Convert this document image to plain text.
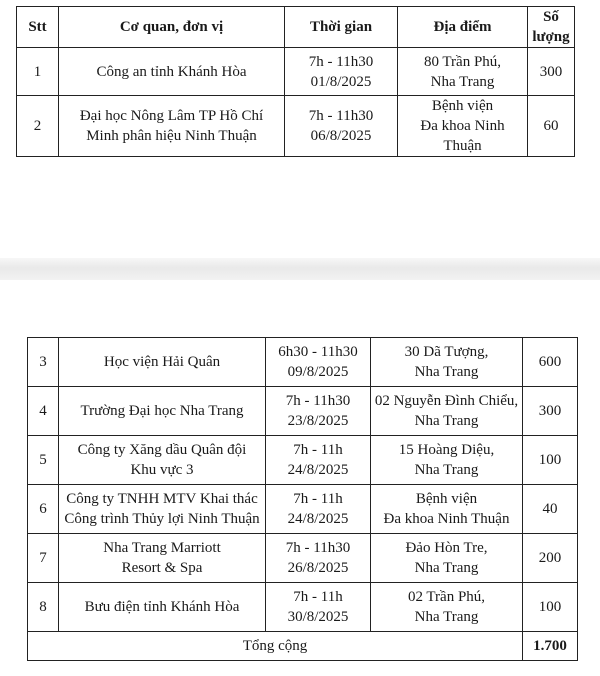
Stt	Cơ quan, đơn vị	Thời gian	Địa điểm	Số
lượng

1	Công an tỉnh Khánh Hòa	7h - 11h30
01/8/2025	80 Trần Phú,
Nha Trang	300
2	Đại học Nông Lâm TP Hồ Chí
Minh phân hiệu Ninh Thuận	7h - 11h30
06/8/2025	Bệnh viện
Đa khoa Ninh Thuận	60
3	Học viện Hải Quân	6h30 - 11h30
09/8/2025	30 Dã Tượng,
Nha Trang	600
4	Trường Đại học Nha Trang	7h - 11h30
23/8/2025	02 Nguyễn Đình Chiểu,
Nha Trang	300
5	Công ty Xăng dầu Quân đội
Khu vực 3	7h - 11h
24/8/2025	15 Hoàng Diệu,
Nha Trang	100
6	Công ty TNHH MTV Khai thác
Công trình Thủy lợi Ninh Thuận	7h - 11h
24/8/2025	Bệnh viện
Đa khoa Ninh Thuận	40
7	Nha Trang Marriott
Resort & Spa	7h - 11h30
26/8/2025	Đảo Hòn Tre,
Nha Trang	200
8	Bưu điện tỉnh Khánh Hòa	7h - 11h
30/8/2025	02 Trần Phú,
Nha Trang	100
Tổng cộng				1.700
